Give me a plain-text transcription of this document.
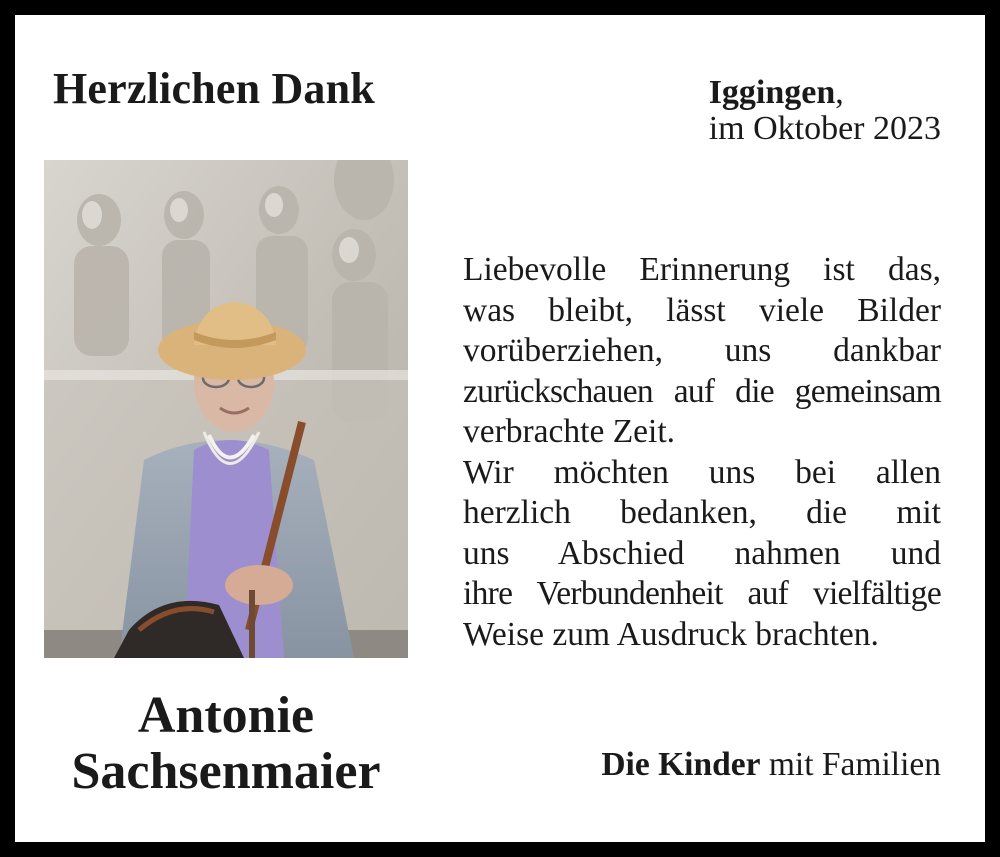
Herzlichen Dank	Iggingen,
im Oktober 2023
Antonie
Sachsenmaier
Liebevolle Erinnerung ist das,
was bleibt, lässt viele Bilder
vorüberziehen, uns dankbar
zurückschauen auf die gemeinsam
verbrachte Zeit.
Wir möchten uns bei allen
herzlich bedanken, die mit
uns Abschied nahmen und
ihre Verbundenheit auf vielfältige
Weise zum Ausdruck brachten.
Die Kinder mit Familien
